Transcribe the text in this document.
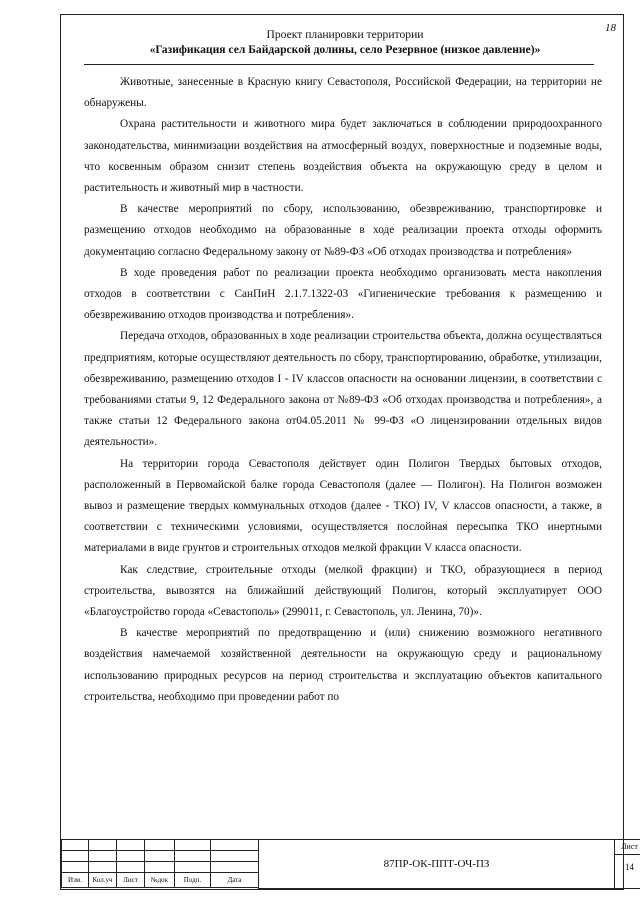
18
Проект планировки территории
«Газификация сел Байдарской долины, село Резервное (низкое давление)»

Животные, занесенные в Красную книгу Севастополя, Российской Федерации, на территории не обнаружены.

Охрана растительности и животного мира будет заключаться в соблюдении природоохранного законодательства, минимизации воздействия на атмосферный воздух, поверхностные и подземные воды, что косвенным образом снизит степень воздействия объекта на окружающую среду в целом и растительность и животный мир в частности.

В качестве мероприятий по сбору, использованию, обезвреживанию, транспортировке и размещению отходов необходимо на образованные в ходе реализации проекта отходы оформить документацию согласно Федеральному закону от №89-ФЗ «Об отходах производства и потребления»

В ходе проведения работ по реализации проекта необходимо организовать места накопления отходов в соответствии с СанПиН 2.1.7.1322-03 «Гигиенические требования к размещению и обезвреживанию отходов производства и потребления».

Передача отходов, образованных в ходе реализации строительства объекта, должна осуществляться предприятиям, которые осуществляют деятельность по сбору, транспортированию, обработке, утилизации, обезвреживанию, размещению отходов I - IV классов опасности на основании лицензии, в соответствии с требованиями статьи 9, 12 Федерального закона от №89-ФЗ «Об отходах производства и потребления», а также статьи 12 Федерального закона от04.05.2011 № 99-ФЗ «О лицензировании отдельных видов деятельности».

На территории города Севастополя действует один Полигон Твердых бытовых отходов, расположенный в Первомайской балке города Севастополя (далее — Полигон). На Полигон возможен вывоз и размещение твердых коммунальных отходов (далее - ТКО) IV, V классов опасности, а также, в соответствии с техническими условиями, осуществляется послойная пересыпка ТКО инертными материалами в виде грунтов и строительных отходов мелкой фракции V класса опасности.

Как следствие, строительные отходы (мелкой фракции) и ТКО, образующиеся в период строительства, вывозятся на ближайший действующий Полигон, который эксплуатирует ООО «Благоустройство города «Севастополь» (299011, г. Севастополь, ул. Ленина, 70)».

В качестве мероприятий по предотвращению и (или) снижению возможного негативного воздействия намечаемой хозяйственной деятельности на окружающую среду и рациональному использованию природных ресурсов на период строительства и эксплуатацию объектов капитального строительства, необходимо при проведении работ по

Изм.	Кол.уч	Лист	№док	Подп.	Дата
87ПР-ОК-ППТ-ОЧ-ПЗ
Лист
14
